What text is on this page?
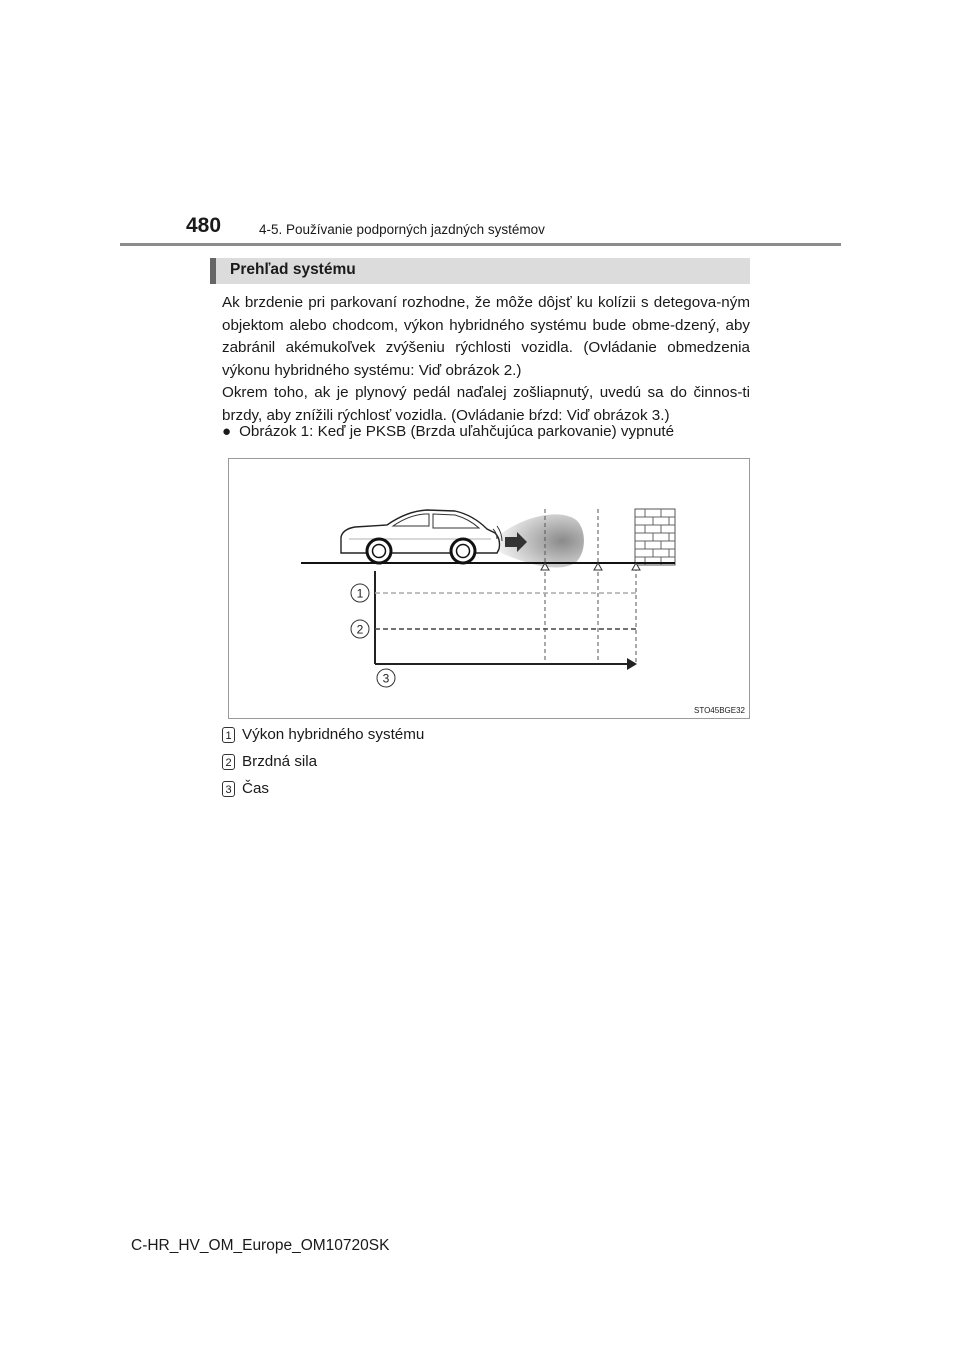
480	4-5. Používanie podporných jazdných systémov
Prehľad systému

Ak brzdenie pri parkovaní rozhodne, že môže dôjsť ku kolízii s detegova-ným objektom alebo chodcom, výkon hybridného systému bude obme-dzený, aby zabránil akémukoľvek zvýšeniu rýchlosti vozidla. (Ovládanie obmedzenia výkonu hybridného systému: Viď obrázok 2.)

Okrem toho, ak je plynový pedál naďalej zošliapnutý, uvedú sa do činnos-ti brzdy, aby znížili rýchlosť vozidla. (Ovládanie bŕzd: Viď obrázok 3.)

● Obrázok 1: Keď je PKSB (Brzda uľahčujúca parkovanie) vypnuté
1
2
3
STO45BGE32
1 Výkon hybridného systému
2 Brzdná sila
3 Čas
C-HR_HV_OM_Europe_OM10720SK
